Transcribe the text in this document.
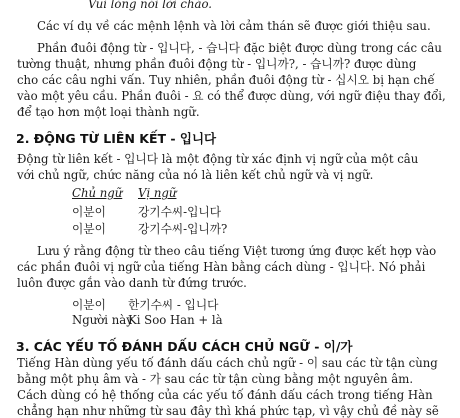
Vui lòng nói lời chào.
Các ví dụ về các mệnh lệnh và lời cảm thán sẽ được giới thiệu sau.
Phần đuôi động từ - 입니다, - 습니다 đặc biệt được dùng trong các câu
tường thuật, nhưng phần đuôi động từ - 입니까?, - 습니까? được dùng
cho các câu nghi vấn. Tuy nhiên, phần đuôi động từ - 십시오 bị hạn chế
vào một yêu cầu. Phần đuôi - 요 có thể được dùng, với ngữ điệu thay đổi,
để tạo hơn một loại thành ngữ.
2. ĐỘNG TỪ LIÊN KẾT - 입니다
Động từ liên kết - 입니다 là một động từ xác định vị ngữ của một câu
với chủ ngữ, chức năng của nó là liên kết chủ ngữ và vị ngữ.
Chủ ngữ Vị ngữ
이분이	강기수씨-입니다
이분이	강기수씨-입니까?
Lưu ý rằng động từ theo câu tiếng Việt tương ứng được kết hợp vào
các phần đuôi vị ngữ của tiếng Hàn bằng cách dùng - 입니다. Nó phải
luôn được gắn vào danh từ đứng trước.
이분이 한기수씨 - 입니다
Người này
Ki Soo Han + là
3. CÁC YẾU TỐ ĐÁNH DẤU CÁCH CHỦ NGỮ - 이/가
Tiếng Hàn dùng yếu tố đánh dấu cách chủ ngữ - 이 sau các từ tận cùng
bằng một phụ âm và - 가 sau các từ tận cùng bằng một nguyên âm.
Cách dùng có hệ thống của các yếu tố đánh dấu cách trong tiếng Hàn
chẳng hạn như những từ sau đây thì khá phức tạp, vì vậy chủ đề này sẽ
